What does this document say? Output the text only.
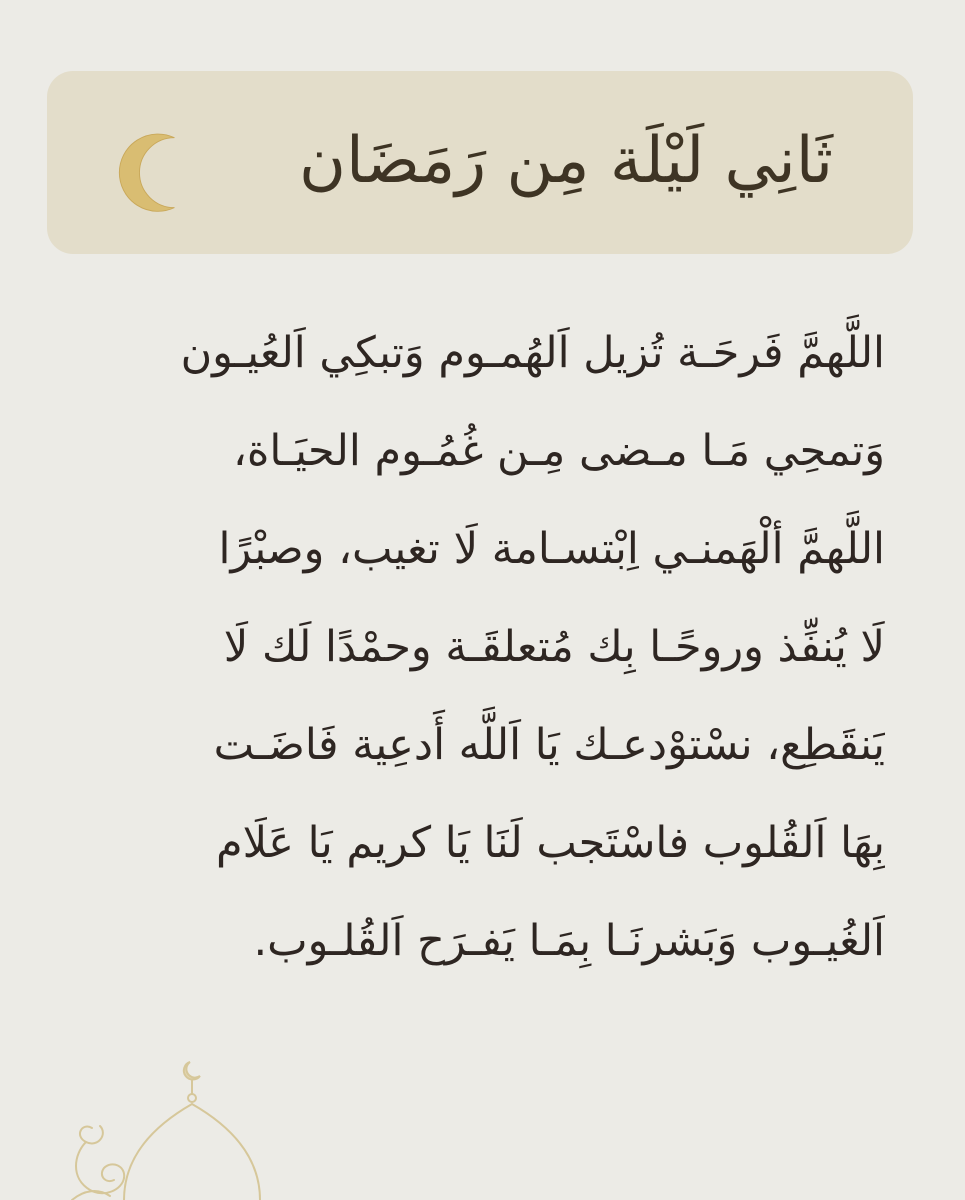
ثَانِي لَيْلَة مِن رَمَضَان
اللَّهمَّ فَرحَـة تُزيل اَلهُمـوم وَتبكِي اَلعُيـون
وَتمحِي مَـا مـضى مِـن غُمُـوم الحيَـاة،
اللَّهمَّ ألْهَمنـي اِبْتسـامة لَا تغيب، وصبْرًا
لَا يُنفِّذ وروحًـا بِك مُتعلقَـة وحمْدًا لَك لَا
يَنقَطِع، نسْتوْدعـك يَا اَللَّه أَدعِية فَاضَـت
بِهَا اَلقُلوب فاسْتَجب لَنَا يَا كريم يَا عَلَام
اَلغُيـوب وَبَشرنَـا بِمَـا يَفـرَح اَلقُلـوب.
